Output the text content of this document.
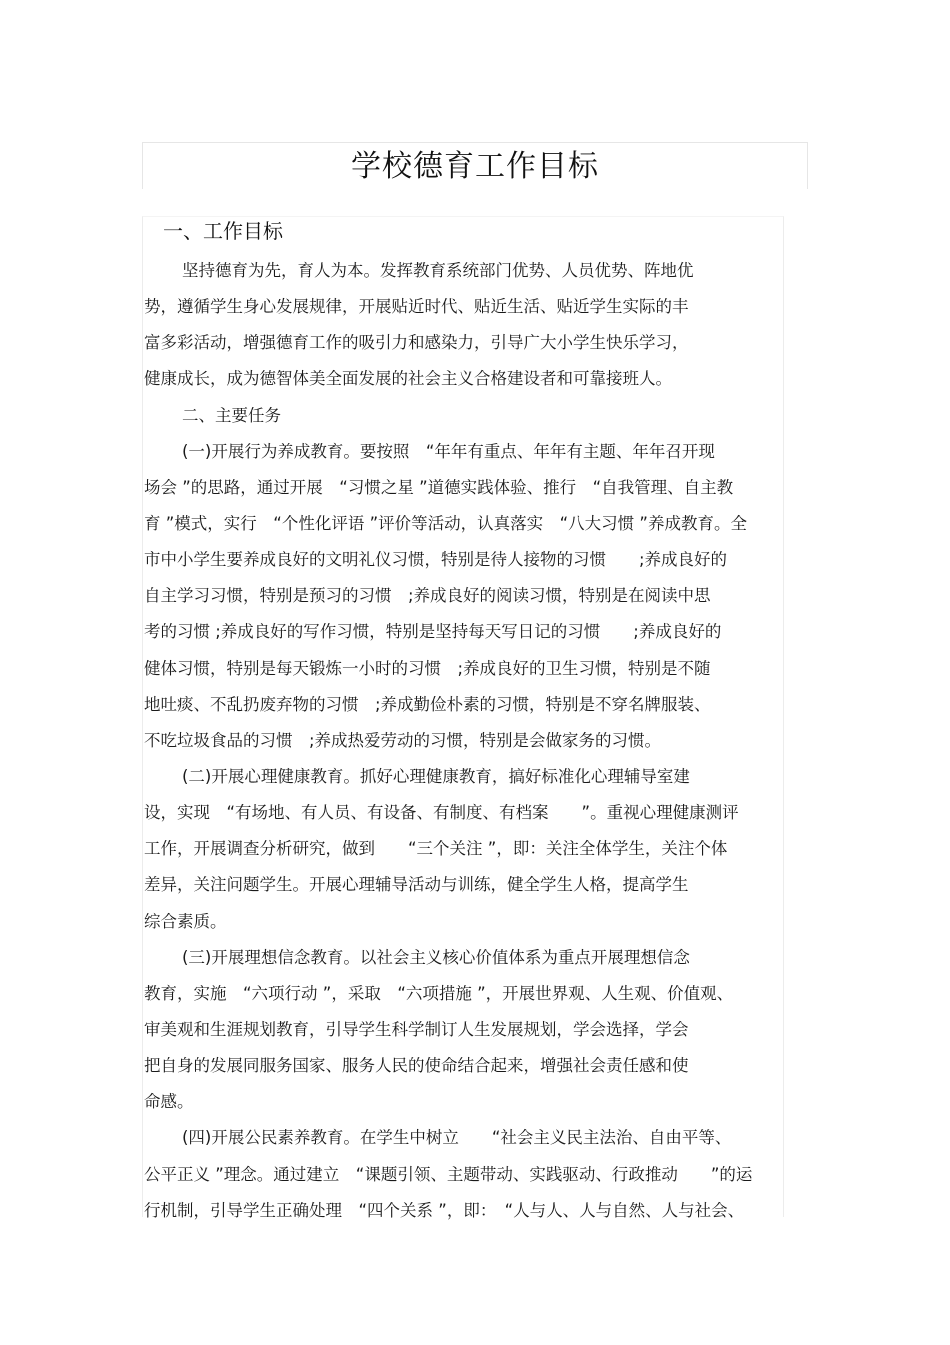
学校德育工作目标
一、工作目标
坚持德育为先，育人为本。发挥教育系统部门优势、人员优势、阵地优
势，遵循学生身心发展规律，开展贴近时代、贴近生活、贴近学生实际的丰
富多彩活动，增强德育工作的吸引力和感染力，引导广大小学生快乐学习，
健康成长，成为德智体美全面发展的社会主义合格建设者和可靠接班人。
二、主要任务
(一)开展行为养成教育。要按照　“年年有重点、年年有主题、年年召开现
场会 ”的思路，通过开展　“习惯之星 ”道德实践体验、推行　“自我管理、自主教
育 ”模式，实行　“个性化评语 ”评价等活动，认真落实　“八大习惯 ”养成教育。全
市中小学生要养成良好的文明礼仪习惯，特别是待人接物的习惯　　;养成良好的
自主学习习惯，特别是预习的习惯　;养成良好的阅读习惯，特别是在阅读中思
考的习惯 ;养成良好的写作习惯，特别是坚持每天写日记的习惯　　;养成良好的
健体习惯，特别是每天锻炼一小时的习惯　;养成良好的卫生习惯，特别是不随
地吐痰、不乱扔废弃物的习惯　;养成勤俭朴素的习惯，特别是不穿名牌服装、
不吃垃圾食品的习惯　;养成热爱劳动的习惯，特别是会做家务的习惯。
(二)开展心理健康教育。抓好心理健康教育，搞好标准化心理辅导室建
设，实现　“有场地、有人员、有设备、有制度、有档案　　”。重视心理健康测评
工作，开展调查分析研究，做到　　“三个关注 ”，即：关注全体学生，关注个体
差异，关注问题学生。开展心理辅导活动与训练，健全学生人格，提高学生
综合素质。
(三)开展理想信念教育。以社会主义核心价值体系为重点开展理想信念
教育，实施　“六项行动 ”，采取　“六项措施 ”，开展世界观、人生观、价值观、
审美观和生涯规划教育，引导学生科学制订人生发展规划，学会选择，学会
把自身的发展同服务国家、服务人民的使命结合起来，增强社会责任感和使
命感。
(四)开展公民素养教育。在学生中树立　　“社会主义民主法治、自由平等、
公平正义 ”理念。通过建立　“课题引领、主题带动、实践驱动、行政推动　　”的运
行机制，引导学生正确处理　“四个关系 ”，即：　“人与人、人与自然、人与社会、
